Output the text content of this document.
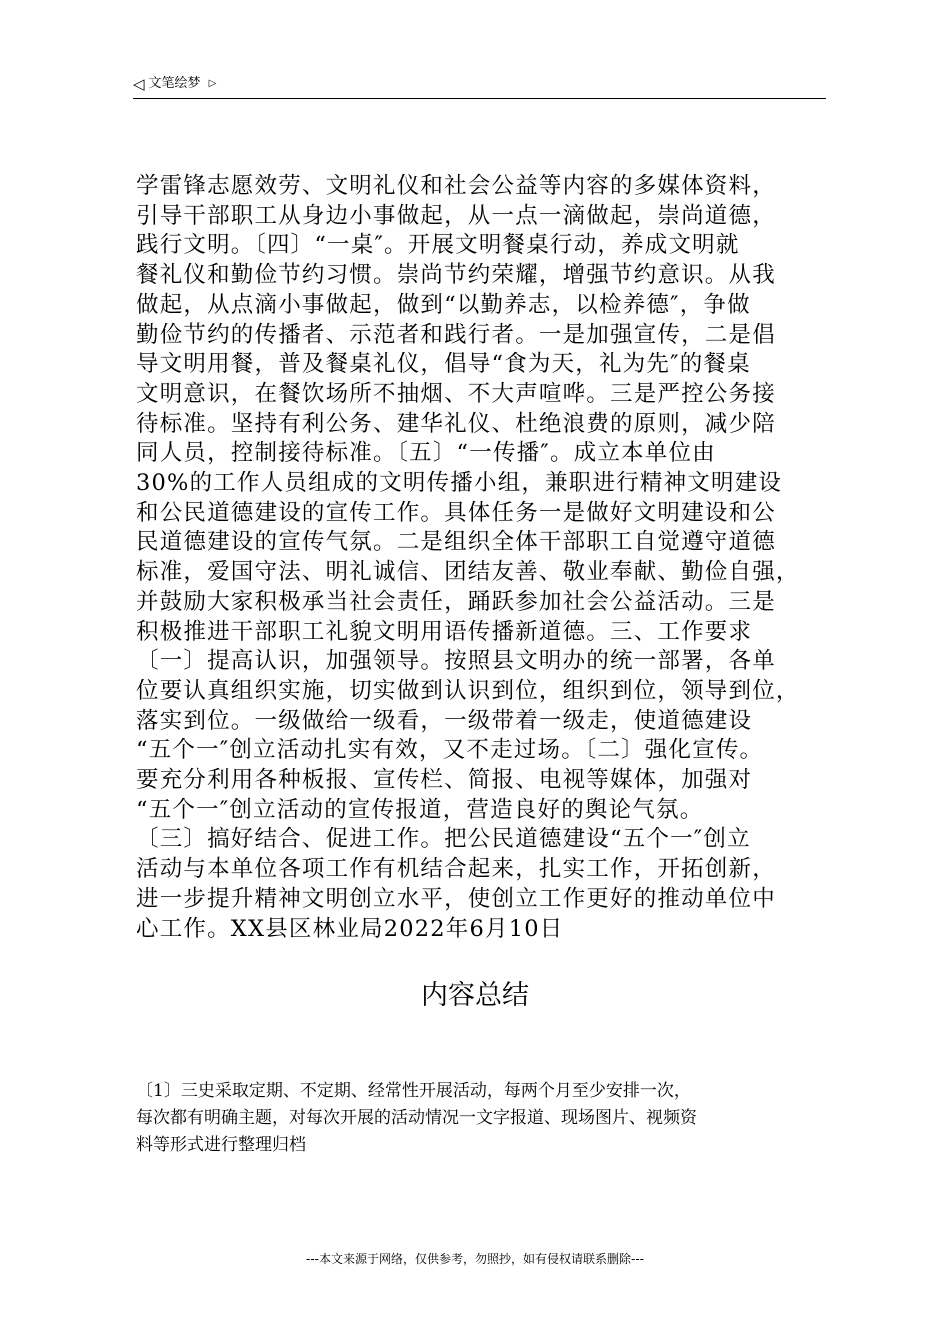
◁ 文笔绘梦 ▷
学雷锋志愿效劳、文明礼仪和社会公益等内容的多媒体资料，
引导干部职工从身边小事做起，从一点一滴做起，崇尚道德，
践行文明。〔四〕“一桌″。开展文明餐桌行动，养成文明就
餐礼仪和勤俭节约习惯。崇尚节约荣耀，增强节约意识。从我
做起，从点滴小事做起，做到“以勤养志，以检养德″，争做
勤俭节约的传播者、示范者和践行者。一是加强宣传，二是倡
导文明用餐，普及餐桌礼仪，倡导“食为天，礼为先″的餐桌
文明意识，在餐饮场所不抽烟、不大声喧哗。三是严控公务接
待标准。坚持有利公务、建华礼仪、杜绝浪费的原则，减少陪
同人员，控制接待标准。〔五〕“一传播″。成立本单位由
30%的工作人员组成的文明传播小组，兼职进行精神文明建设
和公民道德建设的宣传工作。具体任务一是做好文明建设和公
民道德建设的宣传气氛。二是组织全体干部职工自觉遵守道德
标准，爱国守法、明礼诚信、团结友善、敬业奉献、勤俭自强，
并鼓励大家积极承当社会责任，踊跃参加社会公益活动。三是
积极推进干部职工礼貌文明用语传播新道德。三、工作要求
〔一〕提高认识，加强领导。按照县文明办的统一部署，各单
位要认真组织实施，切实做到认识到位，组织到位，领导到位，
落实到位。一级做给一级看，一级带着一级走，使道德建设
“五个一″创立活动扎实有效，又不走过场。〔二〕强化宣传。
要充分利用各种板报、宣传栏、简报、电视等媒体，加强对
“五个一″创立活动的宣传报道，营造良好的舆论气氛。
〔三〕搞好结合、促进工作。把公民道德建设“五个一″创立
活动与本单位各项工作有机结合起来，扎实工作，开拓创新，
进一步提升精神文明创立水平，使创立工作更好的推动单位中
心工作。XX县区林业局2022年6月10日
内容总结
〔1〕三史采取定期、不定期、经常性开展活动，每两个月至少安排一次，
每次都有明确主题，对每次开展的活动情况一文字报道、现场图片、视频资
料等形式进行整理归档
---本文来源于网络，仅供参考，勿照抄，如有侵权请联系删除---
